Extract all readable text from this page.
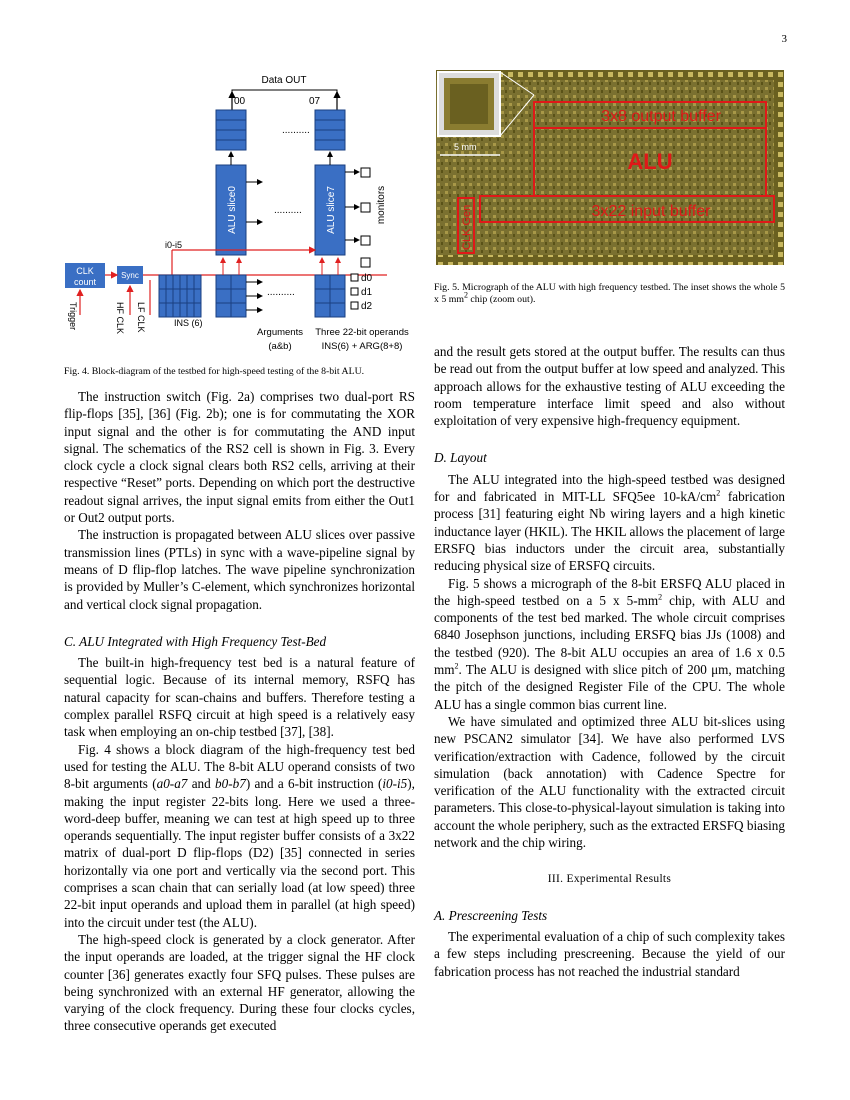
3
Data OUT
00	07
..........
ALU slice0	ALU slice7
..........	monitors
i0-i5
CLK
count
Sync
Trigger	HF CLK LF CLK	INS (6)
..........
d0
d1
d2
Arguments
(a&b)
Three 22-bit operands
INS(6) + ARG(8+8)

Fig. 4. Block-diagram of the testbed for high-speed testing of the 8-bit ALU.

5 mm
3x8 output buffer
ALU
3x22 input buffer
CLK Gen

Fig. 5. Micrograph of the ALU with high frequency testbed. The inset shows the whole 5 x 5 $mm^2$ chip (zoom out).

The instruction switch (Fig. 2a) comprises two dual-port RS flip-flops [35], [36] (Fig. 2b); one is for commutating the XOR input signal and the other is for commutating the AND input signal. The schematics of the RS2 cell is shown in Fig. 3. Every clock cycle a clock signal clears both RS2 cells, arriving at their respective “Reset” ports. Depending on which port the destructive readout signal arrives, the input signal emits from either the Out1 or Out2 output ports.

The instruction is propagated between ALU slices over passive transmission lines (PTLs) in sync with a wave-pipeline signal by means of D flip-flop latches. The wave pipeline synchronization is provided by Muller’s C-element, which synchronizes horizontal and vertical clock signal propagation.

C. ALU Integrated with High Frequency Test-Bed

The built-in high-frequency test bed is a natural feature of sequential logic. Because of its internal memory, RSFQ has natural capacity for scan-chains and buffers. Therefore testing a complex parallel RSFQ circuit at high speed is a relatively easy task when employing an on-chip testbed [37], [38].

Fig. 4 shows a block diagram of the high-frequency test bed used for testing the ALU. The 8-bit ALU operand consists of two 8-bit arguments (a0-a7 and b0-b7) and a 6-bit instruction (i0-i5), making the input register 22-bits long. Here we used a three-word-deep buffer, meaning we can test at high speed up to three operands sequentially. The input register buffer consists of a 3x22 matrix of dual-port D flip-flops (D2) [35] connected in series horizontally via one port and vertically via the second port. This comprises a scan chain that can serially load (at low speed) three 22-bit input operands and upload them in parallel (at high speed) into the circuit under test (the ALU).

The high-speed clock is generated by a clock generator. After the input operands are loaded, at the trigger signal the HF clock counter [36] generates exactly four SFQ pulses. These pulses are being synchronized with an external HF generator, allowing the varying of the clock frequency. During these four clocks cycles, three consecutive operands get executed

and the result gets stored at the output buffer. The results can thus be read out from the output buffer at low speed and analyzed. This approach allows for the exhaustive testing of ALU exceeding the room temperature interface limit speed and also without exploitation of very expensive high-frequency equipment.

D. Layout

The ALU integrated into the high-speed testbed was designed for and fabricated in MIT-LL SFQ5ee $10-kA/cm^2$ fabrication process [31] featuring eight Nb wiring layers and a high kinetic inductance layer (HKIL). The HKIL allows the placement of large ERSFQ bias inductors under the circuit area, substantially reducing physical size of ERSFQ circuits.

Fig. 5 shows a micrograph of the 8-bit ERSFQ ALU placed in the high-speed testbed on a 5 x $5-mm^2$ chip, with ALU and components of the test bed marked. The whole circuit comprises 6840 Josephson junctions, including ERSFQ bias JJs (1008) and the testbed (920). The 8-bit ALU occupies an area of 1.6 x 0.5 $mm^2$. The ALU is designed with slice pitch of 200 μm, matching the pitch of the designed Register File of the CPU. The whole ALU has a single common bias current line.

We have simulated and optimized three ALU bit-slices using new PSCAN2 simulator [34]. We have also performed LVS verification/extraction with Cadence, followed by the circuit simulation (back annotation) with Cadence Spectre for verification of the ALU functionality with the extracted circuit parameters. This close-to-physical-layout simulation is taking into account the whole periphery, such as the extracted ERSFQ biasing network and the chip wiring.

III. Experimental Results

A. Prescreening Tests

The experimental evaluation of a chip of such complexity takes a few steps including prescreening. Because the yield of our fabrication process has not reached the industrial standard
